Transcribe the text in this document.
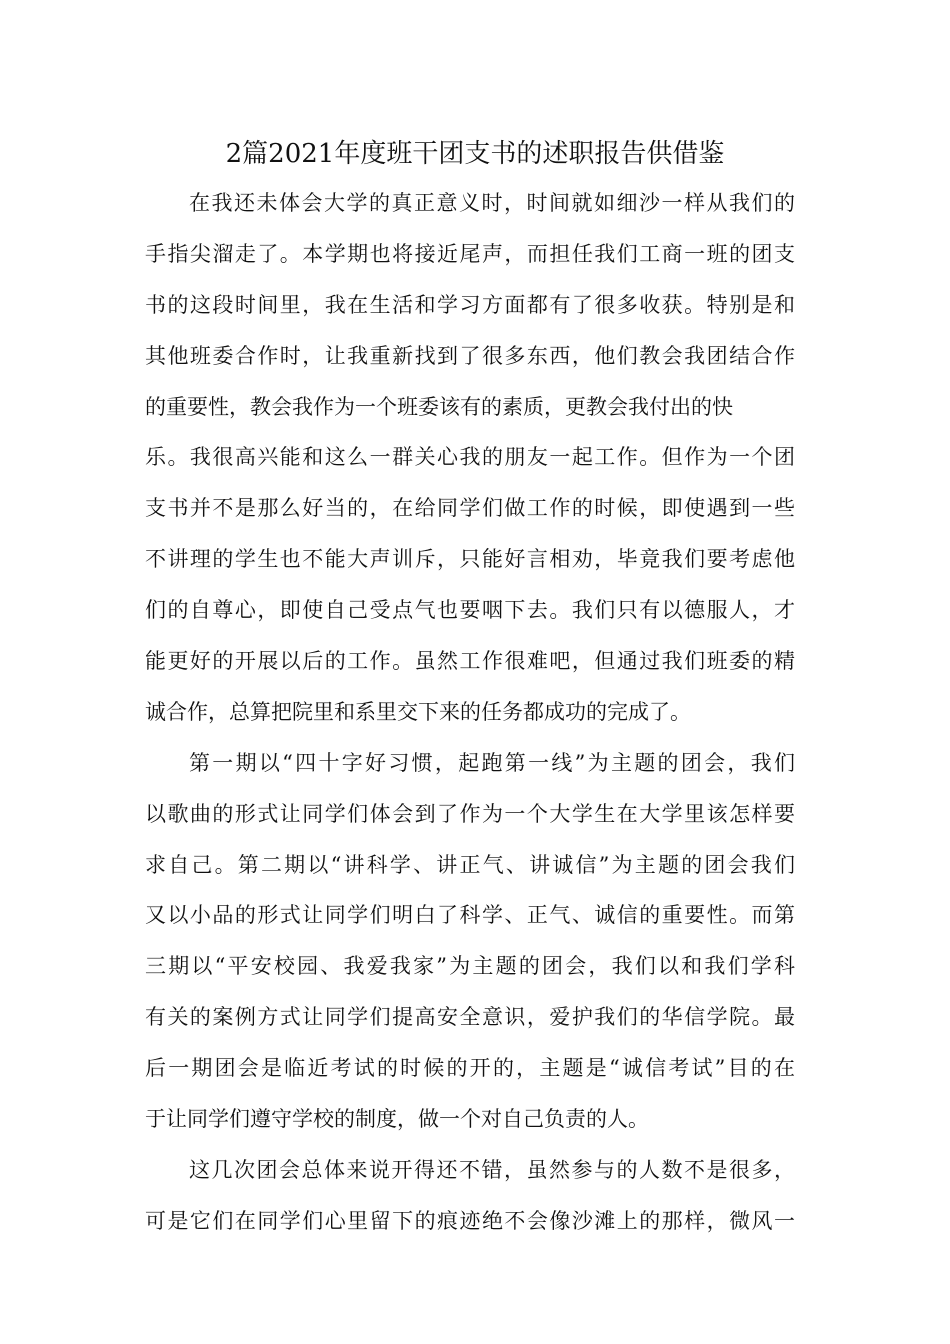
2篇2021年度班干团支书的述职报告供借鉴

在我还未体会大学的真正意义时，时间就如细沙一样从我们的
手指尖溜走了。本学期也将接近尾声，而担任我们工商一班的团支
书的这段时间里，我在生活和学习方面都有了很多收获。特别是和
其他班委合作时，让我重新找到了很多东西，他们教会我团结合作
的重要性，教会我作为一个班委该有的素质，更教会我付出的快
乐。我很高兴能和这么一群关心我的朋友一起工作。但作为一个团
支书并不是那么好当的，在给同学们做工作的时候，即使遇到一些
不讲理的学生也不能大声训斥，只能好言相劝，毕竟我们要考虑他
们的自尊心，即使自己受点气也要咽下去。我们只有以德服人，才
能更好的开展以后的工作。虽然工作很难吧，但通过我们班委的精
诚合作，总算把院里和系里交下来的任务都成功的完成了。

第一期以“四十字好习惯，起跑第一线”为主题的团会，我们
以歌曲的形式让同学们体会到了作为一个大学生在大学里该怎样要
求自己。第二期以“讲科学、讲正气、讲诚信”为主题的团会我们
又以小品的形式让同学们明白了科学、正气、诚信的重要性。而第
三期以“平安校园、我爱我家”为主题的团会，我们以和我们学科
有关的案例方式让同学们提高安全意识，爱护我们的华信学院。最
后一期团会是临近考试的时候的开的，主题是“诚信考试”目的在
于让同学们遵守学校的制度，做一个对自己负责的人。

这几次团会总体来说开得还不错，虽然参与的人数不是很多，
可是它们在同学们心里留下的痕迹绝不会像沙滩上的那样，微风一
